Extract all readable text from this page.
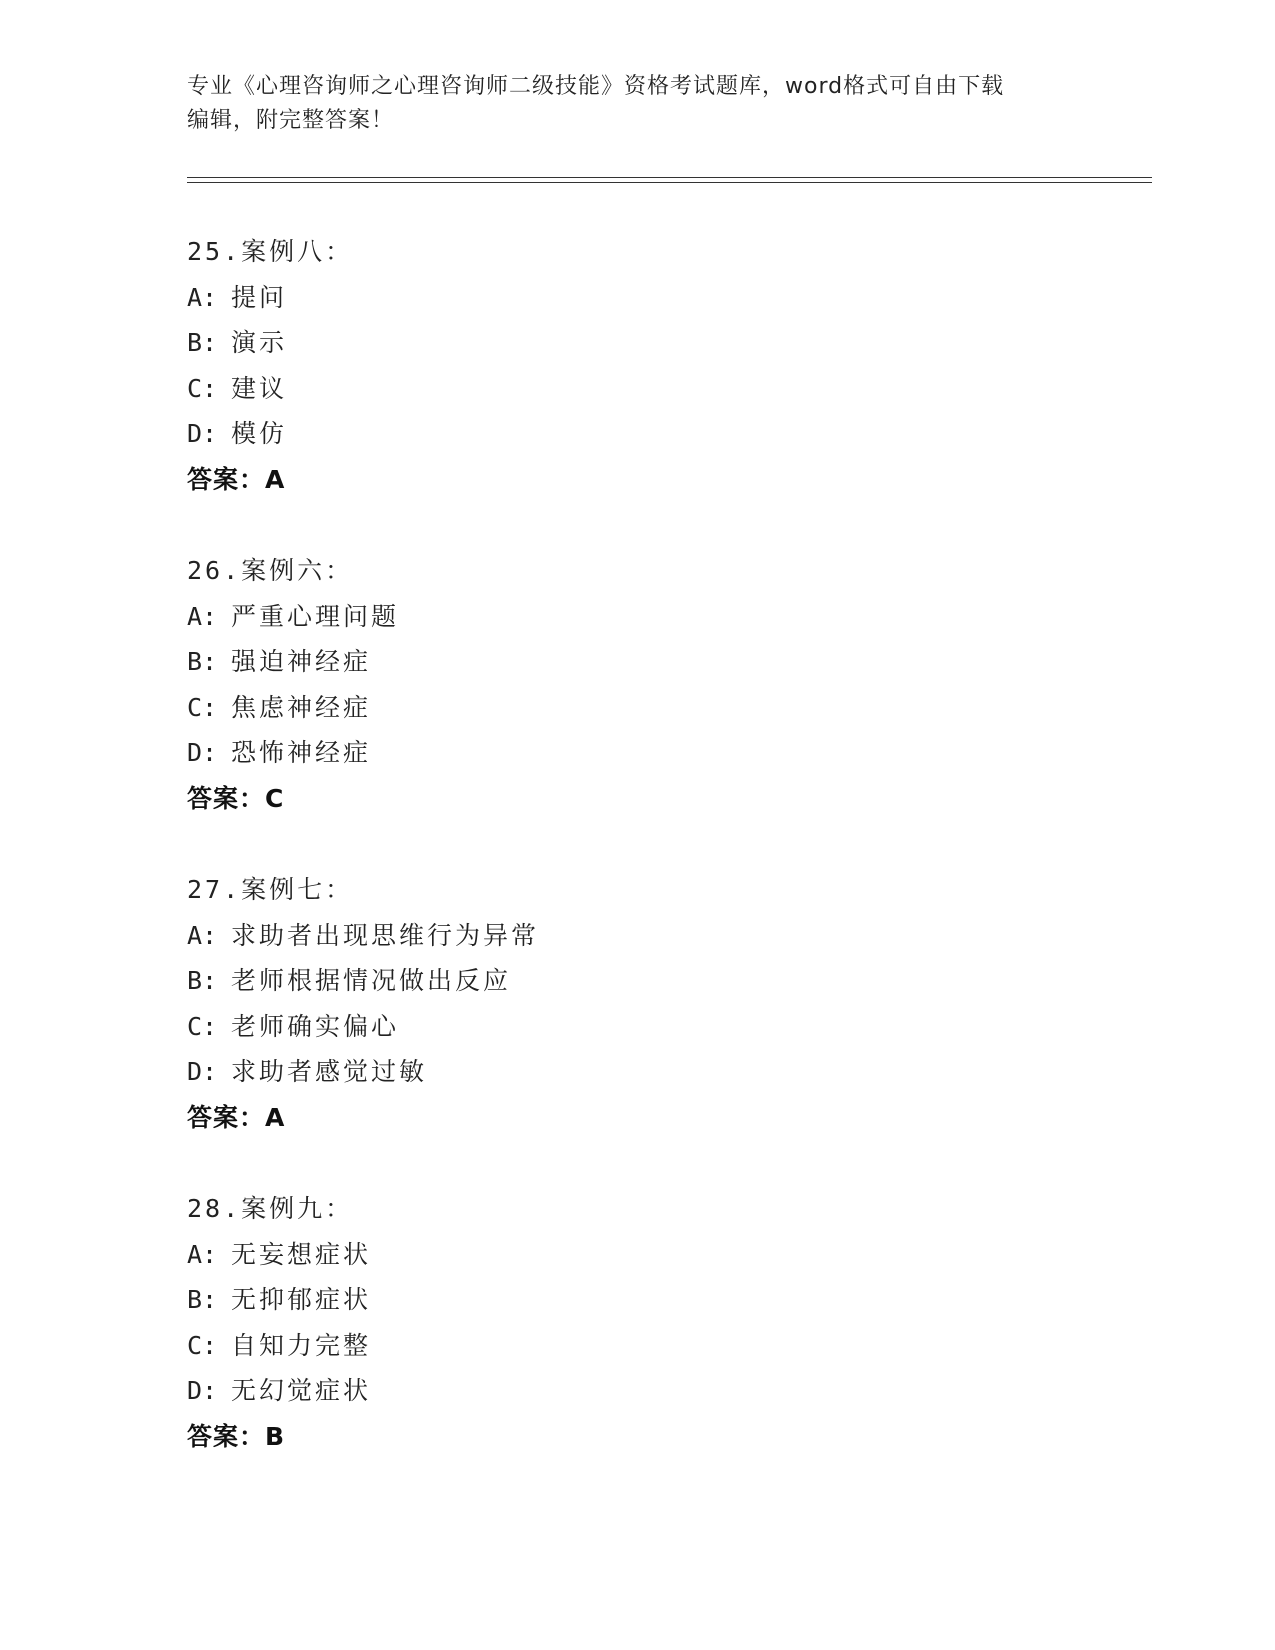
专业《心理咨询师之心理咨询师二级技能》资格考试题库，word格式可自由下载
编辑，附完整答案！
25.案例八：
A: 提问
B: 演示
C: 建议
D: 模仿
答案：A
26.案例六：
A: 严重心理问题
B: 强迫神经症
C: 焦虑神经症
D: 恐怖神经症
答案：C
27.案例七：
A: 求助者出现思维行为异常
B: 老师根据情况做出反应
C: 老师确实偏心
D: 求助者感觉过敏
答案：A
28.案例九：
A: 无妄想症状
B: 无抑郁症状
C: 自知力完整
D: 无幻觉症状
答案：B
